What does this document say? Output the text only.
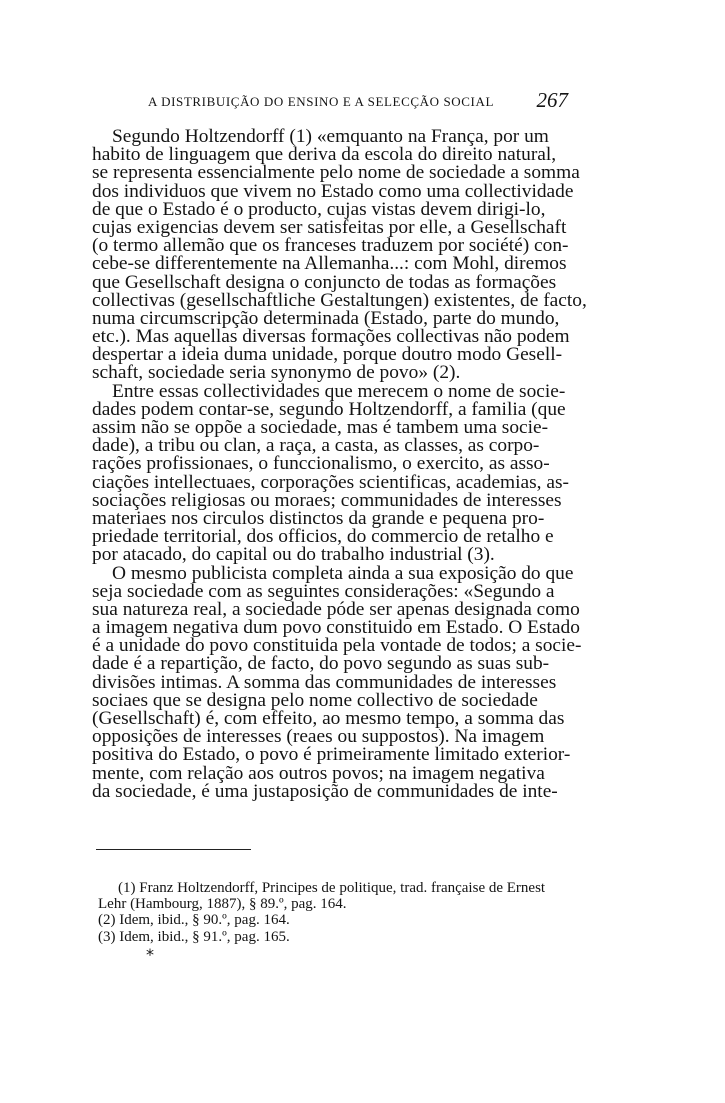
A DISTRIBUIÇÃO DO ENSINO E A SELECÇÃO SOCIAL 267
Segundo Holtzendorff (1) «emquanto na França, por um
habito de linguagem que deriva da escola do direito natural,
se representa essencialmente pelo nome de sociedade a somma
dos individuos que vivem no Estado como uma collectividade
de que o Estado é o producto, cujas vistas devem dirigi-lo,
cujas exigencias devem ser satisfeitas por elle, a Gesellschaft
(o termo allemão que os franceses traduzem por société) con-
cebe-se differentemente na Allemanha...: com Mohl, diremos
que Gesellschaft designa o conjuncto de todas as formações
collectivas (gesellschaftliche Gestaltungen) existentes, de facto,
numa circumscripção determinada (Estado, parte do mundo,
etc.). Mas aquellas diversas formações collectivas não podem
despertar a ideia duma unidade, porque doutro modo Gesell-
schaft, sociedade seria synonymo de povo» (2).
Entre essas collectividades que merecem o nome de socie-
dades podem contar-se, segundo Holtzendorff, a familia (que
assim não se oppõe a sociedade, mas é tambem uma socie-
dade), a tribu ou clan, a raça, a casta, as classes, as corpo-
rações profissionaes, o funccionalismo, o exercito, as asso-
ciações intellectuaes, corporações scientificas, academias, as-
sociações religiosas ou moraes; communidades de interesses
materiaes nos circulos distinctos da grande e pequena pro-
priedade territorial, dos officios, do commercio de retalho e
por atacado, do capital ou do trabalho industrial (3).
O mesmo publicista completa ainda a sua exposição do que
seja sociedade com as seguintes considerações: «Segundo a
sua natureza real, a sociedade póde ser apenas designada como
a imagem negativa dum povo constituido em Estado. O Estado
é a unidade do povo constituida pela vontade de todos; a socie-
dade é a repartição, de facto, do povo segundo as suas sub-
divisões intimas. A somma das communidades de interesses
sociaes que se designa pelo nome collectivo de sociedade
(Gesellschaft) é, com effeito, ao mesmo tempo, a somma das
opposições de interesses (reaes ou suppostos). Na imagem
positiva do Estado, o povo é primeiramente limitado exterior-
mente, com relação aos outros povos; na imagem negativa
da sociedade, é uma justaposição de communidades de inte-
(1) Franz Holtzendorff, Principes de politique, trad. française de Ernest
Lehr (Hambourg, 1887), § 89.º, pag. 164.
(2) Idem, ibid., § 90.º, pag. 164.
(3) Idem, ibid., § 91.º, pag. 165.
*
